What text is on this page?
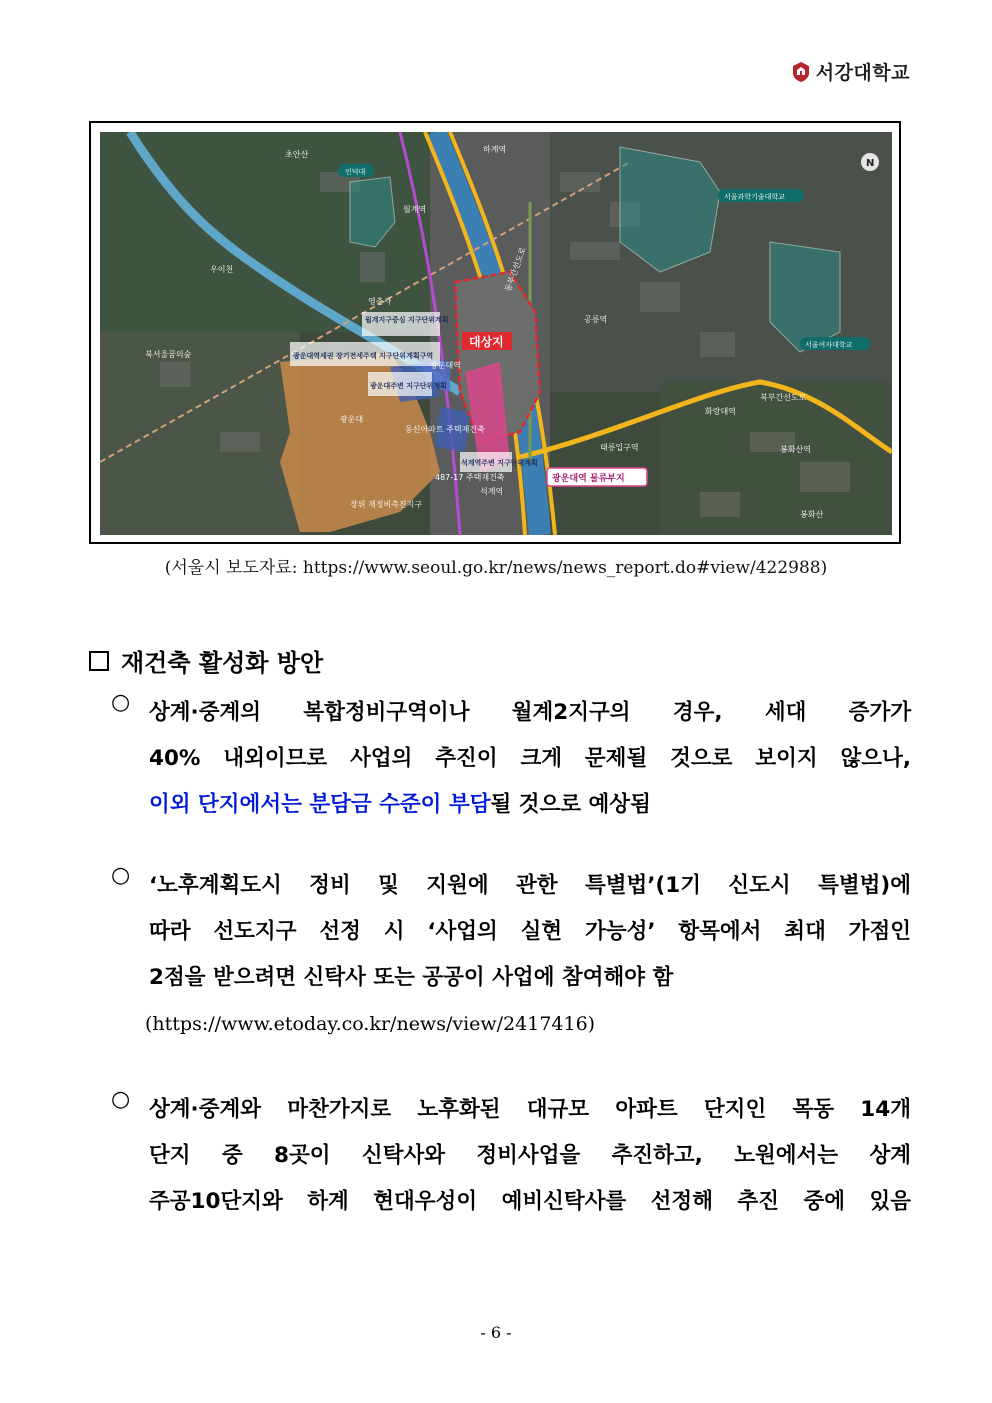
서강대학교
초안산
북서울꿈의숲
인덕대
월계역
하계역
서울과학기술대학교
서울여자대학교
공릉역
대상지
영춘사
월계지구중심 지구단위계획
광운대역세권 장기전세주택 지구단위계획구역
광운대역
광운대주변 지구단위계획
광운대
동신아파트 주택재건축
석계역주변 지구단위계획
487-17 주택재건축
장위 재정비촉진지구
석계역
태릉입구역
화랑대역
봉화산역
봉화산
광운대역 물류부지
동부간선도로
북부간선도로
우이천
N
(서울시 보도자료: https://www.seoul.go.kr/news/news_report.do#view/422988)
재건축 활성화 방안
○ 상계·중계의 복합정비구역이나 월계2지구의 경우, 세대 증가가
40% 내외이므로 사업의 추진이 크게 문제될 것으로 보이지 않으나,
이외 단지에서는 분담금 수준이 부담될 것으로 예상됨
○ ‘노후계획도시 정비 및 지원에 관한 특별법’(1기 신도시 특별법)에
따라 선도지구 선정 시 ‘사업의 실현 가능성’ 항목에서 최대 가점인
2점을 받으려면 신탁사 또는 공공이 사업에 참여해야 함
(https://www.etoday.co.kr/news/view/2417416)
○ 상계·중계와 마찬가지로 노후화된 대규모 아파트 단지인 목동 14개
단지 중 8곳이 신탁사와 정비사업을 추진하고, 노원에서는 상계
주공10단지와 하계 현대우성이 예비신탁사를 선정해 추진 중에 있음
- 6 -
